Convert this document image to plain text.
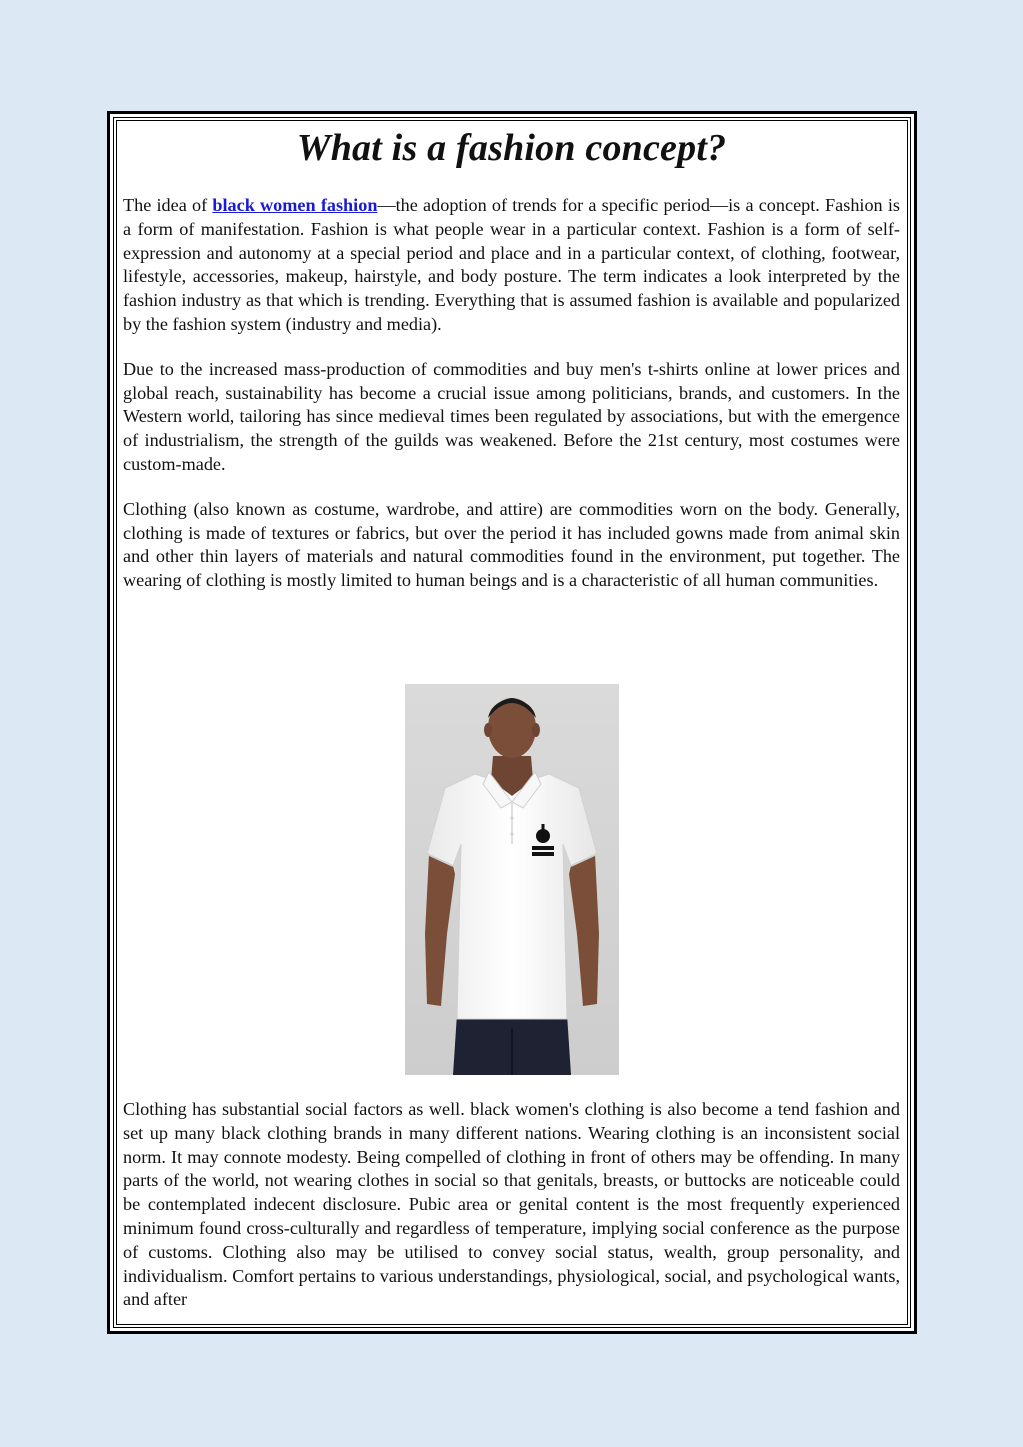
What is a fashion concept?

The idea of black women fashion—the adoption of trends for a specific period—is a concept. Fashion is a form of manifestation. Fashion is what people wear in a particular context. Fashion is a form of self-expression and autonomy at a special period and place and in a particular context, of clothing, footwear, lifestyle, accessories, makeup, hairstyle, and body posture. The term indicates a look interpreted by the fashion industry as that which is trending. Everything that is assumed fashion is available and popularized by the fashion system (industry and media).

Due to the increased mass-production of commodities and buy men's t-shirts online at lower prices and global reach, sustainability has become a crucial issue among politicians, brands, and customers. In the Western world, tailoring has since medieval times been regulated by associations, but with the emergence of industrialism, the strength of the guilds was weakened. Before the 21st century, most costumes were custom-made.

Clothing (also known as costume, wardrobe, and attire) are commodities worn on the body. Generally, clothing is made of textures or fabrics, but over the period it has included gowns made from animal skin and other thin layers of materials and natural commodities found in the environment, put together. The wearing of clothing is mostly limited to human beings and is a characteristic of all human communities.

Clothing has substantial social factors as well. black women's clothing is also become a tend fashion and set up many black clothing brands in many different nations. Wearing clothing is an inconsistent social norm. It may connote modesty. Being compelled of clothing in front of others may be offending. In many parts of the world, not wearing clothes in social so that genitals, breasts, or buttocks are noticeable could be contemplated indecent disclosure. Pubic area or genital content is the most frequently experienced minimum found cross-culturally and regardless of temperature, implying social conference as the purpose of customs. Clothing also may be utilised to convey social status, wealth, group personality, and individualism. Comfort pertains to various understandings, physiological, social, and psychological wants, and after
